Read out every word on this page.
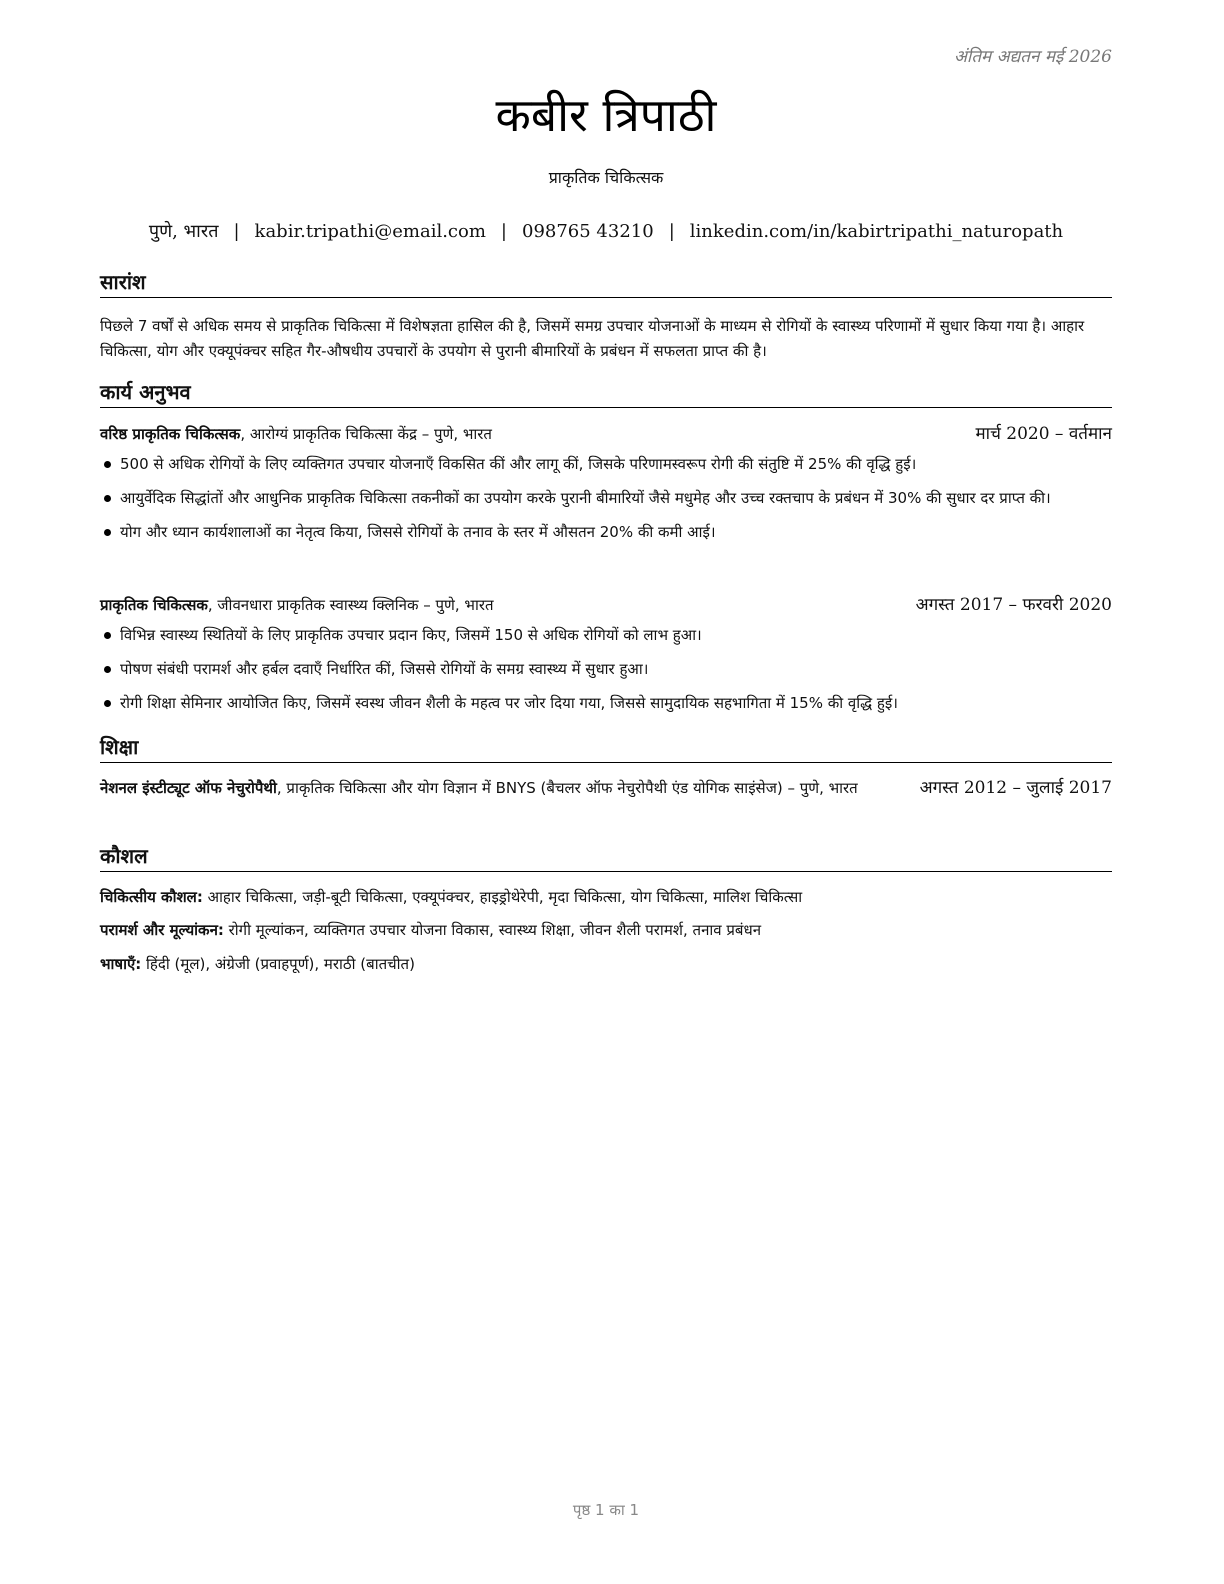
अंतिम अद्यतन मई 2026
कबीर त्रिपाठी
प्राकृतिक चिकित्सक
पुणे, भारत | kabir.tripathi@email.com | 098765 43210 | linkedin.com/in/kabirtripathi_naturopath
सारांश

पिछले 7 वर्षों से अधिक समय से प्राकृतिक चिकित्सा में विशेषज्ञता हासिल की है, जिसमें समग्र उपचार योजनाओं के माध्यम से रोगियों के स्वास्थ्य परिणामों में सुधार किया गया है। आहार चिकित्सा, योग और एक्यूपंक्चर सहित गैर-औषधीय उपचारों के उपयोग से पुरानी बीमारियों के प्रबंधन में सफलता प्राप्त की है।

कार्य अनुभव
वरिष्ठ प्राकृतिक चिकित्सक, आरोग्यं प्राकृतिक चिकित्सा केंद्र – पुणे, भारत	मार्च 2020 – वर्तमान
500 से अधिक रोगियों के लिए व्यक्तिगत उपचार योजनाएँ विकसित कीं और लागू कीं, जिसके परिणामस्वरूप रोगी की संतुष्टि में 25% की वृद्धि हुई।
आयुर्वेदिक सिद्धांतों और आधुनिक प्राकृतिक चिकित्सा तकनीकों का उपयोग करके पुरानी बीमारियों जैसे मधुमेह और उच्च रक्तचाप के प्रबंधन में 30% की सुधार दर प्राप्त की।
योग और ध्यान कार्यशालाओं का नेतृत्व किया, जिससे रोगियों के तनाव के स्तर में औसतन 20% की कमी आई।
प्राकृतिक चिकित्सक, जीवनधारा प्राकृतिक स्वास्थ्य क्लिनिक – पुणे, भारत	अगस्त 2017 – फरवरी 2020
विभिन्न स्वास्थ्य स्थितियों के लिए प्राकृतिक उपचार प्रदान किए, जिसमें 150 से अधिक रोगियों को लाभ हुआ।
पोषण संबंधी परामर्श और हर्बल दवाएँ निर्धारित कीं, जिससे रोगियों के समग्र स्वास्थ्य में सुधार हुआ।
रोगी शिक्षा सेमिनार आयोजित किए, जिसमें स्वस्थ जीवन शैली के महत्व पर जोर दिया गया, जिससे सामुदायिक सहभागिता में 15% की वृद्धि हुई।
शिक्षा
नेशनल इंस्टीट्यूट ऑफ नेचुरोपैथी, प्राकृतिक चिकित्सा और योग विज्ञान में BNYS (बैचलर ऑफ नेचुरोपैथी एंड योगिक साइंसेज) – पुणे, भारत	अगस्त 2012 – जुलाई 2017
कौशल
चिकित्सीय कौशल: आहार चिकित्सा, जड़ी-बूटी चिकित्सा, एक्यूपंक्चर, हाइड्रोथेरेपी, मृदा चिकित्सा, योग चिकित्सा, मालिश चिकित्सा
परामर्श और मूल्यांकन: रोगी मूल्यांकन, व्यक्तिगत उपचार योजना विकास, स्वास्थ्य शिक्षा, जीवन शैली परामर्श, तनाव प्रबंधन
भाषाएँ: हिंदी (मूल), अंग्रेजी (प्रवाहपूर्ण), मराठी (बातचीत)
पृष्ठ 1 का 1
